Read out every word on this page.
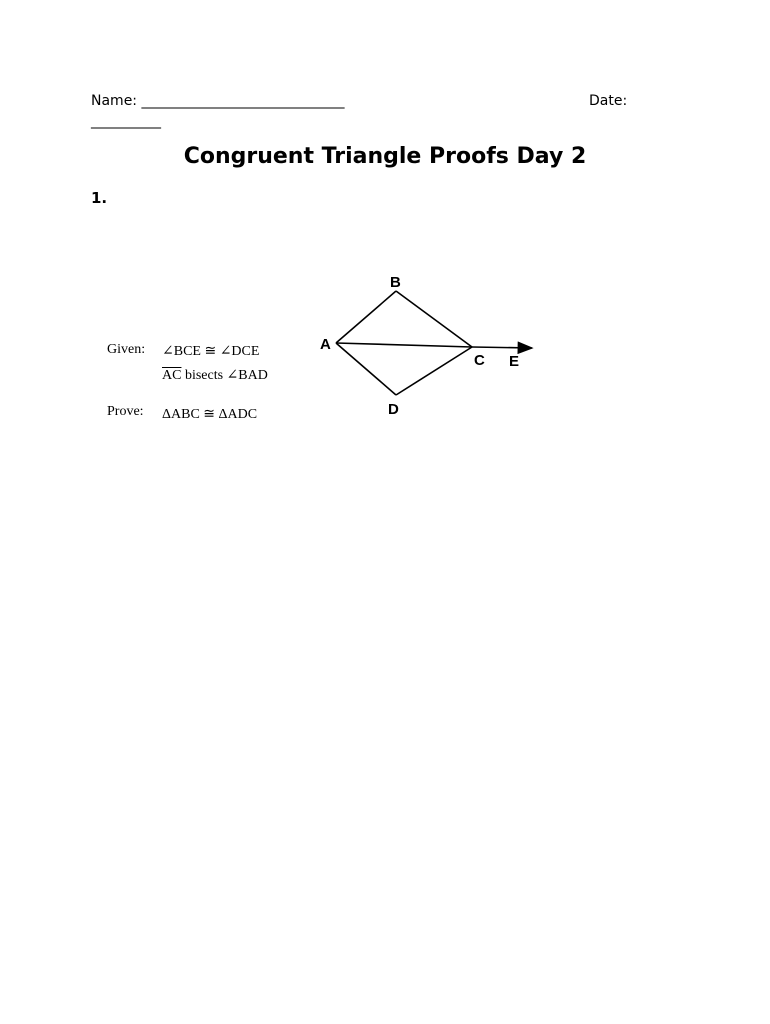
Name: _____________________________	Date:
__________
Congruent Triangle Proofs Day 2
1.
Given: ∠BCE ≅ ∠DCE
$\overline{AC}$ bisects ∠BAD
Prove: ΔABC ≅ ΔADC
A
B
C
D
E
